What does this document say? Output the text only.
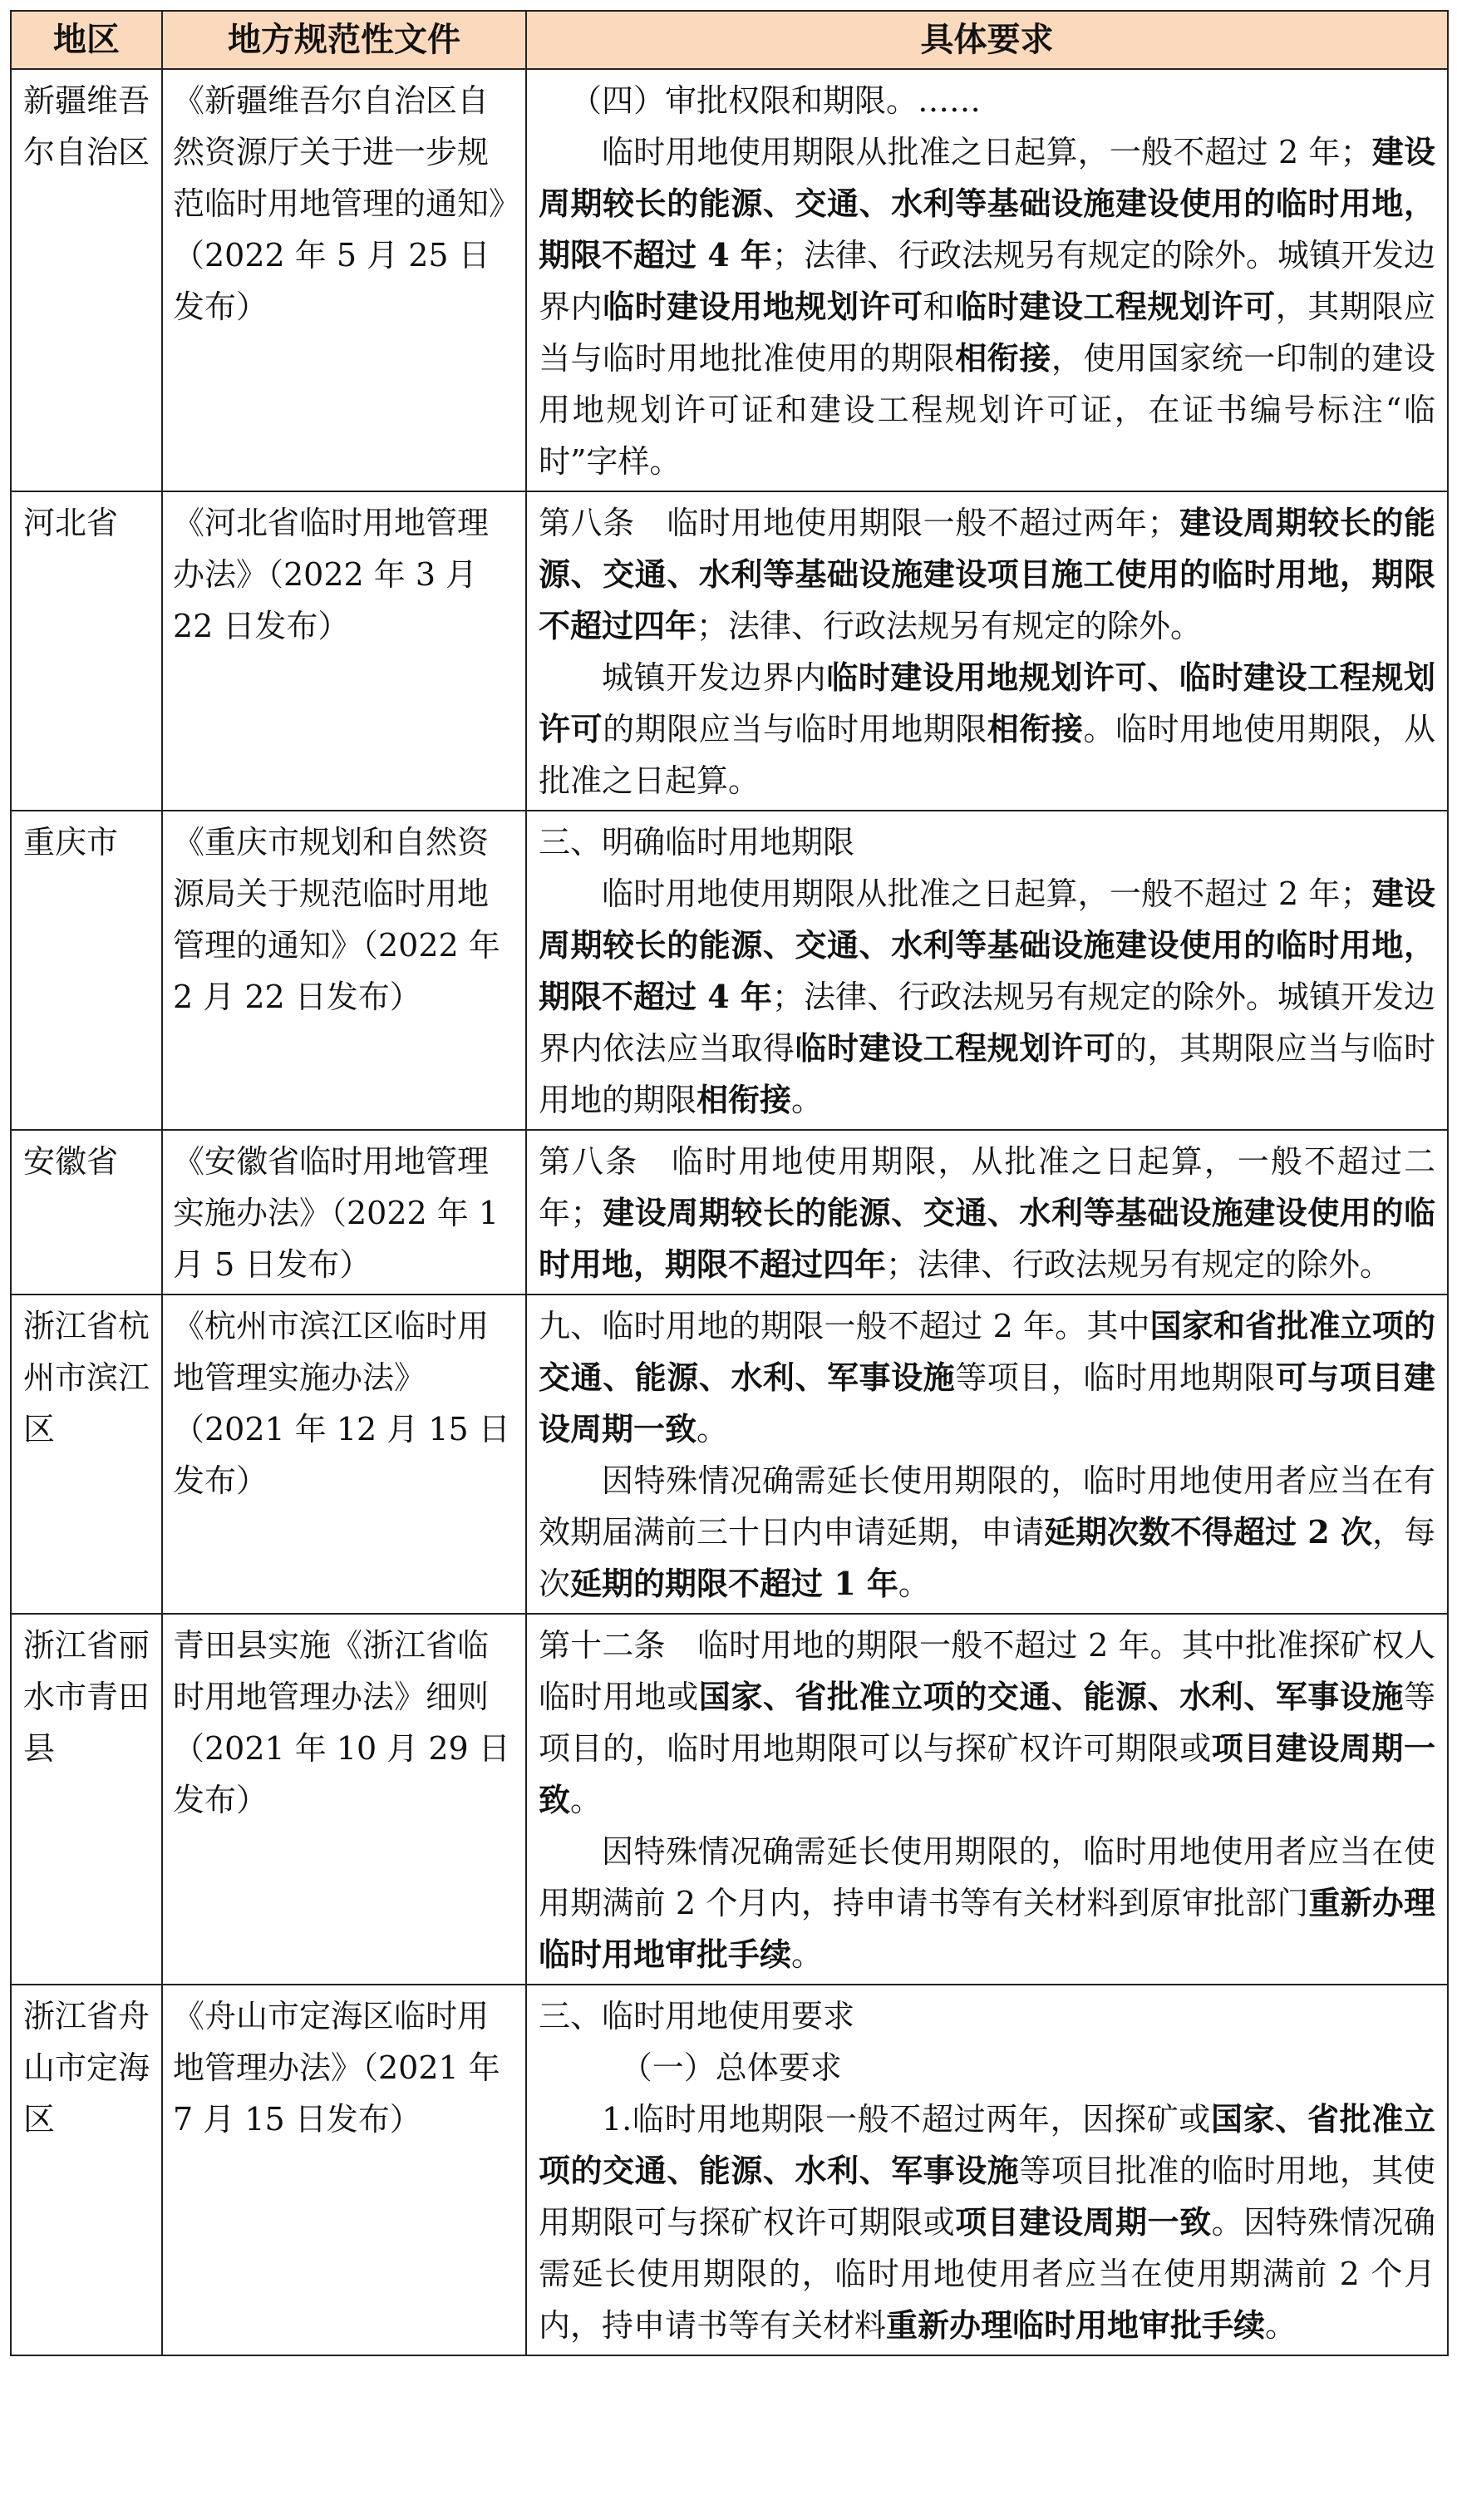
地区	地方规范性文件	具体要求
新疆维吾尔自治区	《新疆维吾尔自治区自然资源厅关于进一步规范临时用地管理的通知》（2022 年 5 月 25 日发布）	（四）审批权限和期限。……
临时用地使用期限从批准之日起算，一般不超过 2 年；建设周期较长的能源、交通、水利等基础设施建设使用的临时用地，期限不超过 4 年；法律、行政法规另有规定的除外。城镇开发边界内临时建设用地规划许可和临时建设工程规划许可，其期限应当与临时用地批准使用的期限相衔接，使用国家统一印制的建设用地规划许可证和建设工程规划许可证，在证书编号标注“临时”字样。

河北省	《河北省临时用地管理办法》（2022 年 3 月 22 日发布）	第八条　临时用地使用期限一般不超过两年；建设周期较长的能源、交通、水利等基础设施建设项目施工使用的临时用地，期限不超过四年；法律、行政法规另有规定的除外。
城镇开发边界内临时建设用地规划许可、临时建设工程规划许可的期限应当与临时用地期限相衔接。临时用地使用期限，从批准之日起算。

重庆市	《重庆市规划和自然资源局关于规范临时用地管理的通知》（2022 年 2 月 22 日发布）	三、明确临时用地期限
临时用地使用期限从批准之日起算，一般不超过 2 年；建设周期较长的能源、交通、水利等基础设施建设使用的临时用地，期限不超过 4 年；法律、行政法规另有规定的除外。城镇开发边界内依法应当取得临时建设工程规划许可的，其期限应当与临时用地的期限相衔接。

安徽省	《安徽省临时用地管理实施办法》（2022 年 1 月 5 日发布）	第八条　临时用地使用期限，从批准之日起算，一般不超过二年；建设周期较长的能源、交通、水利等基础设施建设使用的临时用地，期限不超过四年；法律、行政法规另有规定的除外。

浙江省杭州市滨江区	《杭州市滨江区临时用地管理实施办法》（2021 年 12 月 15 日发布）	九、临时用地的期限一般不超过 2 年。其中国家和省批准立项的交通、能源、水利、军事设施等项目，临时用地期限可与项目建设周期一致。
因特殊情况确需延长使用期限的，临时用地使用者应当在有效期届满前三十日内申请延期，申请延期次数不得超过 2 次，每次延期的期限不超过 1 年。

浙江省丽水市青田县	青田县实施《浙江省临时用地管理办法》细则（2021 年 10 月 29 日发布）	第十二条　临时用地的期限一般不超过 2 年。其中批准探矿权人临时用地或国家、省批准立项的交通、能源、水利、军事设施等项目的，临时用地期限可以与探矿权许可期限或项目建设周期一致。
因特殊情况确需延长使用期限的，临时用地使用者应当在使用期满前 2 个月内，持申请书等有关材料到原审批部门重新办理临时用地审批手续。

浙江省舟山市定海区	《舟山市定海区临时用地管理办法》（2021 年 7 月 15 日发布）	三、临时用地使用要求
（一）总体要求
1.临时用地期限一般不超过两年，因探矿或国家、省批准立项的交通、能源、水利、军事设施等项目批准的临时用地，其使用期限可与探矿权许可期限或项目建设周期一致。因特殊情况确需延长使用期限的，临时用地使用者应当在使用期满前 2 个月内，持申请书等有关材料重新办理临时用地审批手续。
